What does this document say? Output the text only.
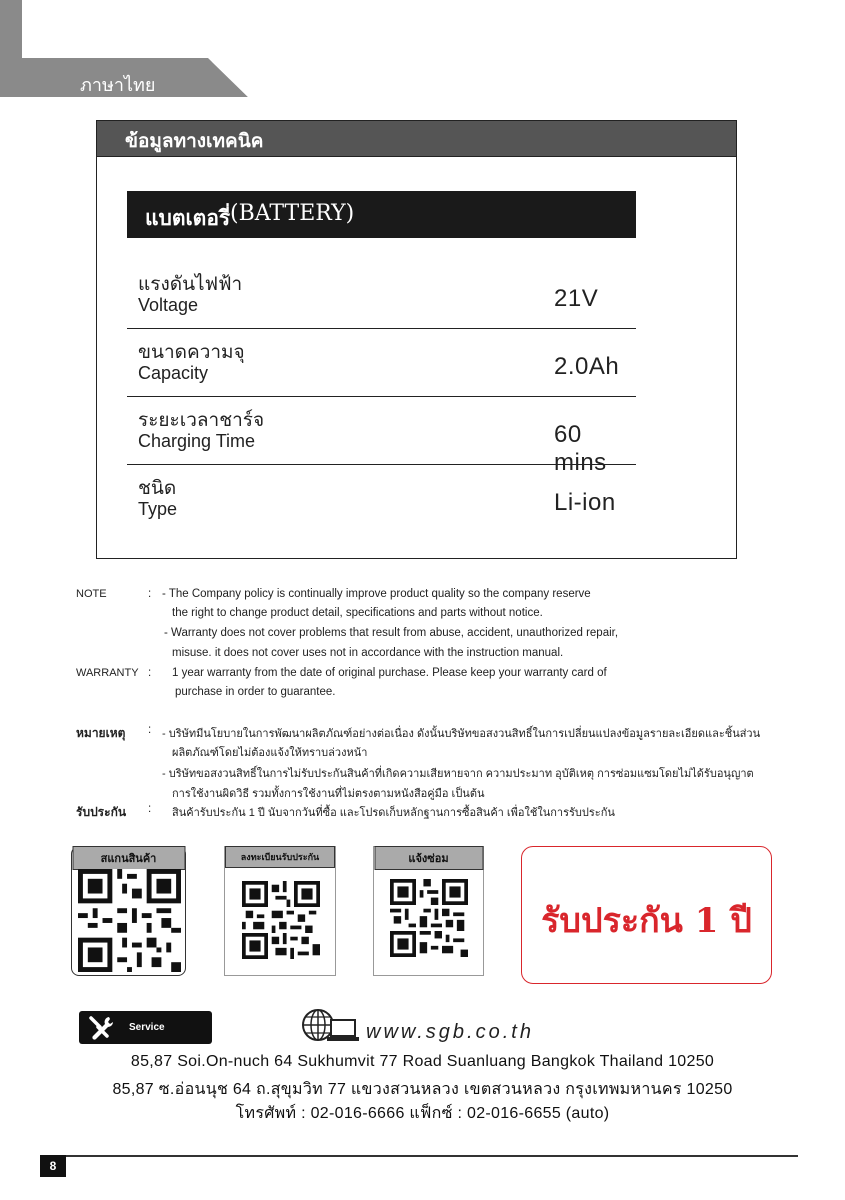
ภาษาไทย
ข้อมูลทางเทคนิค
แบตเตอรี่ (BATTERY)
แรงดันไฟฟ้า
Voltage	21V
ขนาดความจุ
Capacity	2.0Ah
ระยะเวลาชาร์จ
Charging Time	60 mins
ชนิด
Type	Li-ion
NOTE	: - The Company policy is continually improve product quality so the company reserve
the right to change product detail, specifications and parts without notice.
- Warranty does not cover problems that result from abuse, accident, unauthorized repair,
misuse. it does not cover uses not in accordance with the instruction manual.
WARRANTY : 1 year warranty from the date of original purchase. Please keep your warranty card of
purchase in order to guarantee.
หมายเหตุ : - บริษัทมีนโยบายในการพัฒนาผลิตภัณฑ์อย่างต่อเนื่อง ดังนั้นบริษัทขอสงวนสิทธิ์ในการเปลี่ยนแปลงข้อมูลรายละเอียดและชิ้นส่วน
ผลิตภัณฑ์โดยไม่ต้องแจ้งให้ทราบล่วงหน้า
- บริษัทขอสงวนสิทธิ์ในการไม่รับประกันสินค้าที่เกิดความเสียหายจาก ความประมาท อุบัติเหตุ การซ่อมแซมโดยไม่ได้รับอนุญาต
การใช้งานผิดวิธี รวมทั้งการใช้งานที่ไม่ตรงตามหนังสือคู่มือ เป็นต้น
รับประกัน : สินค้ารับประกัน 1 ปี นับจากวันที่ซื้อ และโปรดเก็บหลักฐานการซื้อสินค้า เพื่อใช้ในการรับประกัน
สแกนสินค้า	ลงทะเบียนรับประกัน	แจ้งซ่อม
รับประกัน 1 ปี
Service	www.sgb.co.th
85,87 Soi.On-nuch 64 Sukhumvit 77 Road Suanluang Bangkok Thailand 10250
85,87 ซ.อ่อนนุช 64 ถ.สุขุมวิท 77 แขวงสวนหลวง เขตสวนหลวง กรุงเทพมหานคร 10250
โทรศัพท์ : 02-016-6666 แฟ็กซ์ : 02-016-6655 (auto)
8
